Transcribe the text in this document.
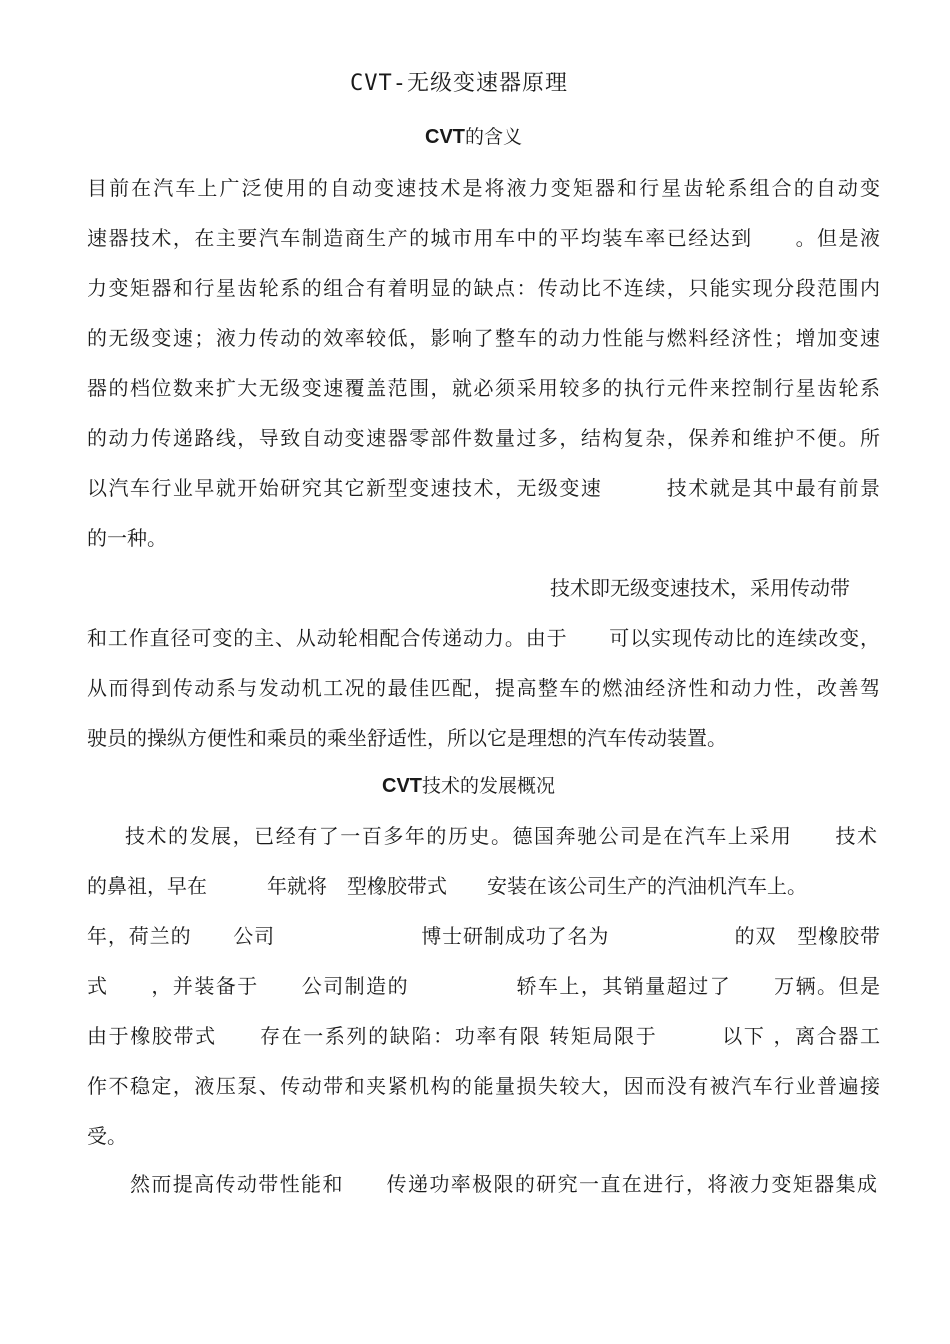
CVT-无级变速器原理
CVT的含义
目前在汽车上广泛使用的自动变速技术是将液力变矩器和行星齿轮系组合的自动变
速器技术，在主要汽车制造商生产的城市用车中的平均装车率已经达到　　。但是液
力变矩器和行星齿轮系的组合有着明显的缺点：传动比不连续，只能实现分段范围内
的无级变速；液力传动的效率较低，影响了整车的动力性能与燃料经济性；增加变速
器的档位数来扩大无级变速覆盖范围，就必须采用较多的执行元件来控制行星齿轮系
的动力传递路线，导致自动变速器零部件数量过多，结构复杂，保养和维护不便。所
以汽车行业早就开始研究其它新型变速技术，无级变速　　　技术就是其中最有前景
的一种。
技术即无级变速技术，采用传动带
和工作直径可变的主、从动轮相配合传递动力。由于　　可以实现传动比的连续改变，
从而得到传动系与发动机工况的最佳匹配，提高整车的燃油经济性和动力性，改善驾
驶员的操纵方便性和乘员的乘坐舒适性，所以它是理想的汽车传动装置。
CVT技术的发展概况
技术的发展，已经有了一百多年的历史。德国奔驰公司是在汽车上采用　　技术
的鼻祖，早在　　　年就将　型橡胶带式　　安装在该公司生产的汽油机汽车上。
年，荷兰的　　公司　　　　　　　博士研制成功了名为　　　　　　的双　型橡胶带
式　　，并装备于　　公司制造的　　　　　轿车上，其销量超过了　　万辆。但是
由于橡胶带式　　存在一系列的缺陷：功率有限 转矩局限于　　　以下 ，离合器工
作不稳定，液压泵、传动带和夹紧机构的能量损失较大，因而没有被汽车行业普遍接
受。
然而提高传动带性能和　　传递功率极限的研究一直在进行，将液力变矩器集成
